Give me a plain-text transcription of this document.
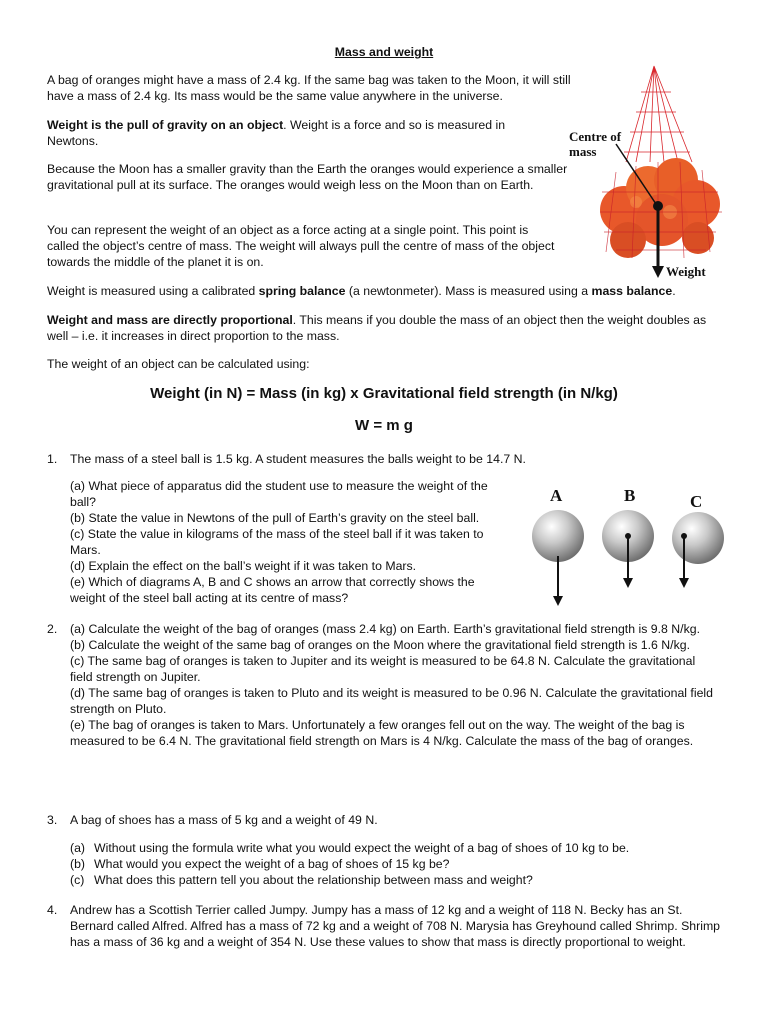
Mass and weight

A bag of oranges might have a mass of 2.4 kg. If the same bag was taken to the Moon, it will still have a mass of 2.4 kg. Its mass would be the same value anywhere in the universe.

Weight is the pull of gravity on an object. Weight is a force and so is measured in Newtons.

Because the Moon has a smaller gravity than the Earth the oranges would experience a smaller gravitational pull at its surface. The oranges would weigh less on the Moon than on Earth.

You can represent the weight of an object as a force acting at a single point. This point is called the object’s centre of mass. The weight will always pull the centre of mass of the object towards the middle of the planet it is on.

Weight is measured using a calibrated spring balance (a newtonmeter). Mass is measured using a mass balance.

Weight and mass are directly proportional. This means if you double the mass of an object then the weight doubles as well – i.e. it increases in direct proportion to the mass.

The weight of an object can be calculated using:

Weight (in N) = Mass (in kg) x Gravitational field strength (in N/kg)
W = m g
Centre of mass
Weight
1. The mass of a steel ball is 1.5 kg. A student measures the balls weight to be 14.7 N.

(a) What piece of apparatus did the student use to measure the weight of the ball?
(b) State the value in Newtons of the pull of Earth’s gravity on the steel ball.
(c) State the value in kilograms of the mass of the steel ball if it was taken to Mars.
(d) Explain the effect on the ball’s weight if it was taken to Mars.
(e) Which of diagrams A, B and C shows an arrow that correctly shows the weight of the steel ball acting at its centre of mass?
A	B	C
2. (a) Calculate the weight of the bag of oranges (mass 2.4 kg) on Earth. Earth’s gravitational field strength is 9.8 N/kg.
(b) Calculate the weight of the same bag of oranges on the Moon where the gravitational field strength is 1.6 N/kg.
(c) The same bag of oranges is taken to Jupiter and its weight is measured to be 64.8 N. Calculate the gravitational field strength on Jupiter.
(d) The same bag of oranges is taken to Pluto and its weight is measured to be 0.96 N. Calculate the gravitational field strength on Pluto.
(e) The bag of oranges is taken to Mars. Unfortunately a few oranges fell out on the way. The weight of the bag is measured to be 6.4 N. The gravitational field strength on Mars is 4 N/kg. Calculate the mass of the bag of oranges.
3. A bag of shoes has a mass of 5 kg and a weight of 49 N.

(a) Without using the formula write what you would expect the weight of a bag of shoes of 10 kg to be.
(b) What would you expect the weight of a bag of shoes of 15 kg be?
(c) What does this pattern tell you about the relationship between mass and weight?
4. Andrew has a Scottish Terrier called Jumpy. Jumpy has a mass of 12 kg and a weight of 118 N. Becky has an St. Bernard called Alfred. Alfred has a mass of 72 kg and a weight of 708 N. Marysia has Greyhound called Shrimp. Shrimp has a mass of 36 kg and a weight of 354 N. Use these values to show that mass is directly proportional to weight.
